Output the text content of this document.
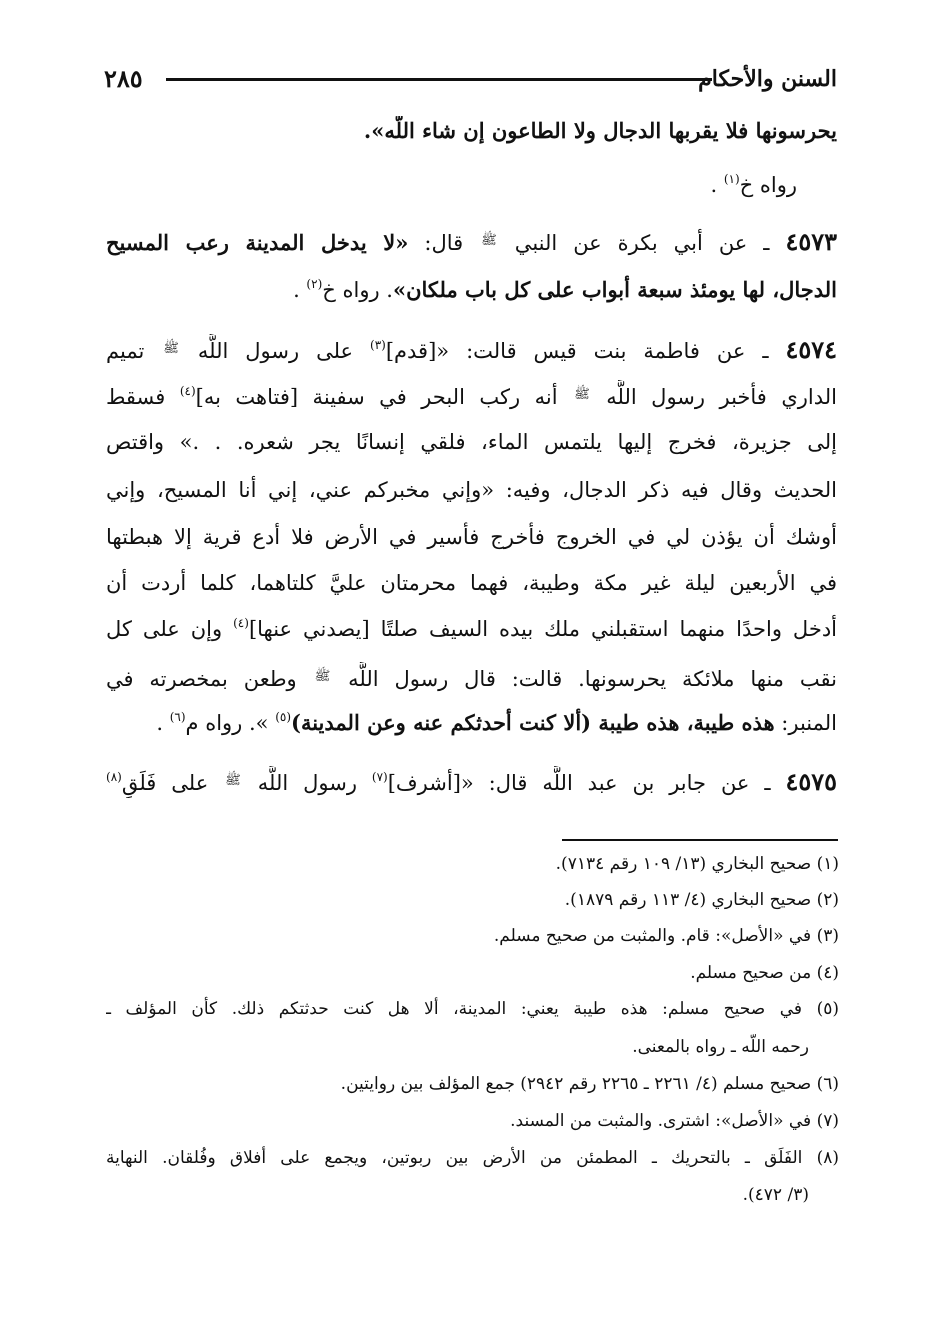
السنن والأحكام
٢٨٥
يحرسونها فلا يقربها الدجال ولا الطاعون إن شاء اللَّه».
رواه خ$^{(١)}$ .
٤٥٧٣ ـ عن أبي بكرة عن النبي $^ﷺ$ قال: «لا يدخل المدينة رعب المسيح
الدجال، لها يومئذ سبعة أبواب على كل باب ملكان». رواه خ$^{(٢)}$ .
٤٥٧٤ ـ عن فاطمة بنت قيس قالت: «[قدم]$^{(٣)}$ على رسول اللَّه $^ﷺ$ تميم
الداري فأخبر رسول اللَّه $^ﷺ$ أنه ركب البحر في سفينة [فتاهت به]$^{(٤)}$ فسقط
إلى جزيرة، فخرج إليها يلتمس الماء، فلقي إنسانًا يجر شعره. . .» واقتص
الحديث وقال فيه ذكر الدجال، وفيه: «وإني مخبركم عني، إني أنا المسيح، وإني
أوشك أن يؤذن لي في الخروج فأخرج فأسير في الأرض فلا أدع قرية إلا هبطتها
في الأربعين ليلة غير مكة وطيبة، فهما محرمتان عليَّ كلتاهما، كلما أردت أن
أدخل واحدًا منهما استقبلني ملك بيده السيف صلتًا [يصدني عنها]$^{(٤)}$ وإن على كل
نقب منها ملائكة يحرسونها. قالت: قال رسول اللَّه $^ﷺ$ وطعن بمخصرته في
المنبر: هذه طيبة، هذه طيبة (ألا كنت أحدثكم عنه وعن المدينة)$^{(٥)}$ ». رواه م$^{(٦)}$ .
٤٥٧٥ ـ عن جابر بن عبد اللَّه قال: «[أشرف]$^{(٧)}$ رسول اللَّه $^ﷺ$ على فَلَقٍ$^{(٨)}$
(١) صحيح البخاري (١٣/ ١٠٩ رقم ٧١٣٤).
(٢) صحيح البخاري (٤/ ١١٣ رقم ١٨٧٩).
(٣) في «الأصل»: قام. والمثبت من صحيح مسلم.
(٤) من صحيح مسلم.
(٥) في صحيح مسلم: هذه طيبة يعني: المدينة، ألا هل كنت حدثتكم ذلك. كأن المؤلف ـ
رحمه اللَّه ـ رواه بالمعنى.
(٦) صحيح مسلم (٤/ ٢٢٦١ ـ ٢٢٦٥ رقم ٢٩٤٢) جمع المؤلف بين روايتين.
(٧) في «الأصل»: اشترى. والمثبت من المسند.
(٨) الفَلَق ـ بالتحريك ـ المطمئن من الأرض بين ربوتين، ويجمع على أفلاق وفُلقان. النهاية
(٣/ ٤٧٢).
